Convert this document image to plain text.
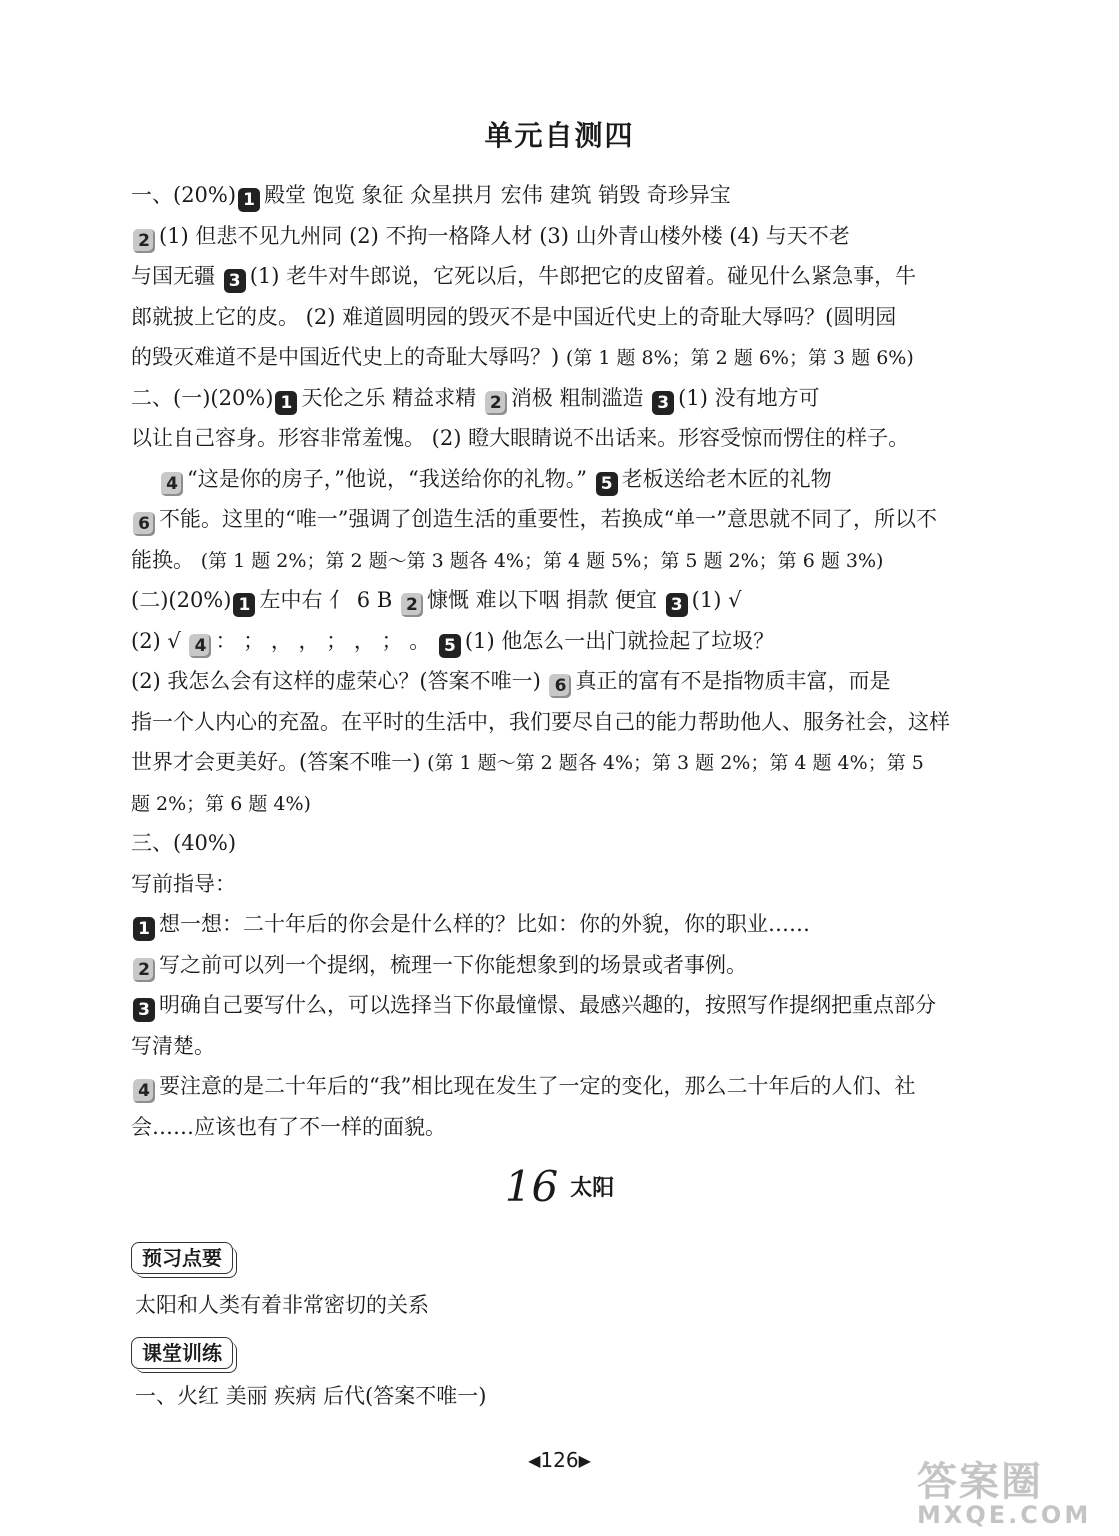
单元自测四
一、(20%) 1 殿堂 饱览 象征 众星拱月 宏伟 建筑 销毁 奇珍异宝
2 (1) 但悲不见九州同 (2) 不拘一格降人材 (3) 山外青山楼外楼 (4) 与天不老
与国无疆 3 (1) 老牛对牛郎说，它死以后，牛郎把它的皮留着。碰见什么紧急事，牛
郎就披上它的皮。 (2) 难道圆明园的毁灭不是中国近代史上的奇耻大辱吗？(圆明园
的毁灭难道不是中国近代史上的奇耻大辱吗？) (第 1 题 8%；第 2 题 6%；第 3 题 6%)
二、(一)(20%) 1 天伦之乐 精益求精 2 消极 粗制滥造 3 (1) 没有地方可
以让自己容身。形容非常羞愧。 (2) 瞪大眼睛说不出话来。形容受惊而愣住的样子。
4 “这是你的房子，”他说，“我送给你的礼物。” 5 老板送给老木匠的礼物
6 不能。这里的“唯一”强调了创造生活的重要性，若换成“单一”意思就不同了，所以不
能换。 (第 1 题 2%；第 2 题～第 3 题各 4%；第 4 题 5%；第 5 题 2%；第 6 题 3%)
(二)(20%) 1 左中右 亻 6 B 2 慷慨 难以下咽 捐款 便宜 3 (1) √
(2) √ 4 ： ； ， ， ； ， ； 。 5 (1) 他怎么一出门就捡起了垃圾？
(2) 我怎么会有这样的虚荣心？(答案不唯一) 6 真正的富有不是指物质丰富，而是
指一个人内心的充盈。在平时的生活中，我们要尽自己的能力帮助他人、服务社会，这样
世界才会更美好。(答案不唯一) (第 1 题～第 2 题各 4%；第 3 题 2%；第 4 题 4%；第 5
题 2%；第 6 题 4%)
三、(40%)
写前指导：
1 想一想：二十年后的你会是什么样的？比如：你的外貌，你的职业……
2 写之前可以列一个提纲，梳理一下你能想象到的场景或者事例。
3 明确自己要写什么，可以选择当下你最憧憬、最感兴趣的，按照写作提纲把重点部分
写清楚。
4 要注意的是二十年后的“我”相比现在发生了一定的变化，那么二十年后的人们、社
会……应该也有了不一样的面貌。
16 太阳
预习点要
太阳和人类有着非常密切的关系
课堂训练
一、火红 美丽 疾病 后代(答案不唯一)
◀126▶	答案圈
MXQE.COM
